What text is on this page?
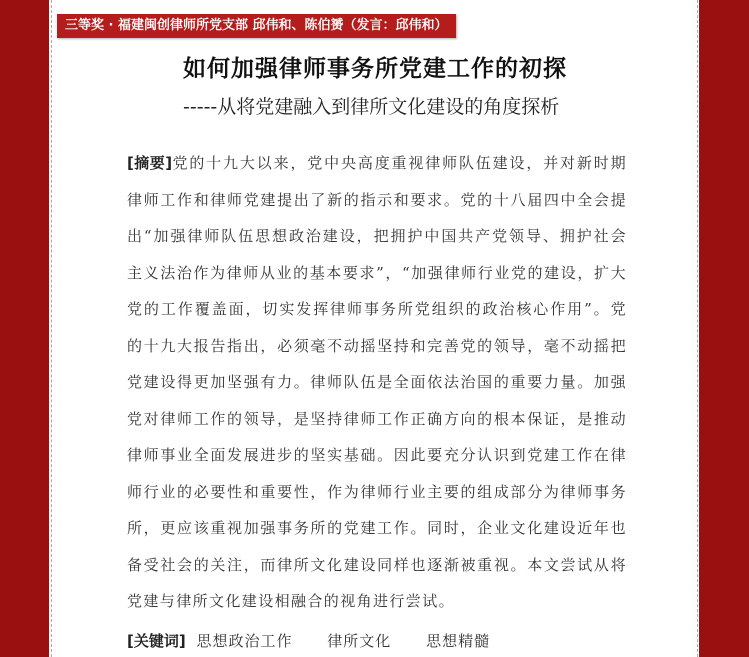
三等奖 · 福建闽创律师所党支部 邱伟和、陈伯赟（发言：邱伟和）
如何加强律师事务所党建工作的初探
-----从将党建融入到律所文化建设的角度探析
[摘要]党的十九大以来，党中央高度重视律师队伍建设，并对新时期律师工作和律师党建提出了新的指示和要求。党的十八届四中全会提出“加强律师队伍思想政治建设，把拥护中国共产党领导、拥护社会主义法治作为律师从业的基本要求”，“加强律师行业党的建设，扩大党的工作覆盖面，切实发挥律师事务所党组织的政治核心作用”。党的十九大报告指出，必须毫不动摇坚持和完善党的领导，毫不动摇把党建设得更加坚强有力。律师队伍是全面依法治国的重要力量。加强党对律师工作的领导，是坚持律师工作正确方向的根本保证，是推动律师事业全面发展进步的坚实基础。因此要充分认识到党建工作在律师行业的必要性和重要性，作为律师行业主要的组成部分为律师事务所，更应该重视加强事务所的党建工作。同时，企业文化建设近年也备受社会的关注，而律所文化建设同样也逐渐被重视。本文尝试从将党建与律所文化建设相融合的视角进行尝试。
[关键词] 思想政治工作 律所文化 思想精髓
